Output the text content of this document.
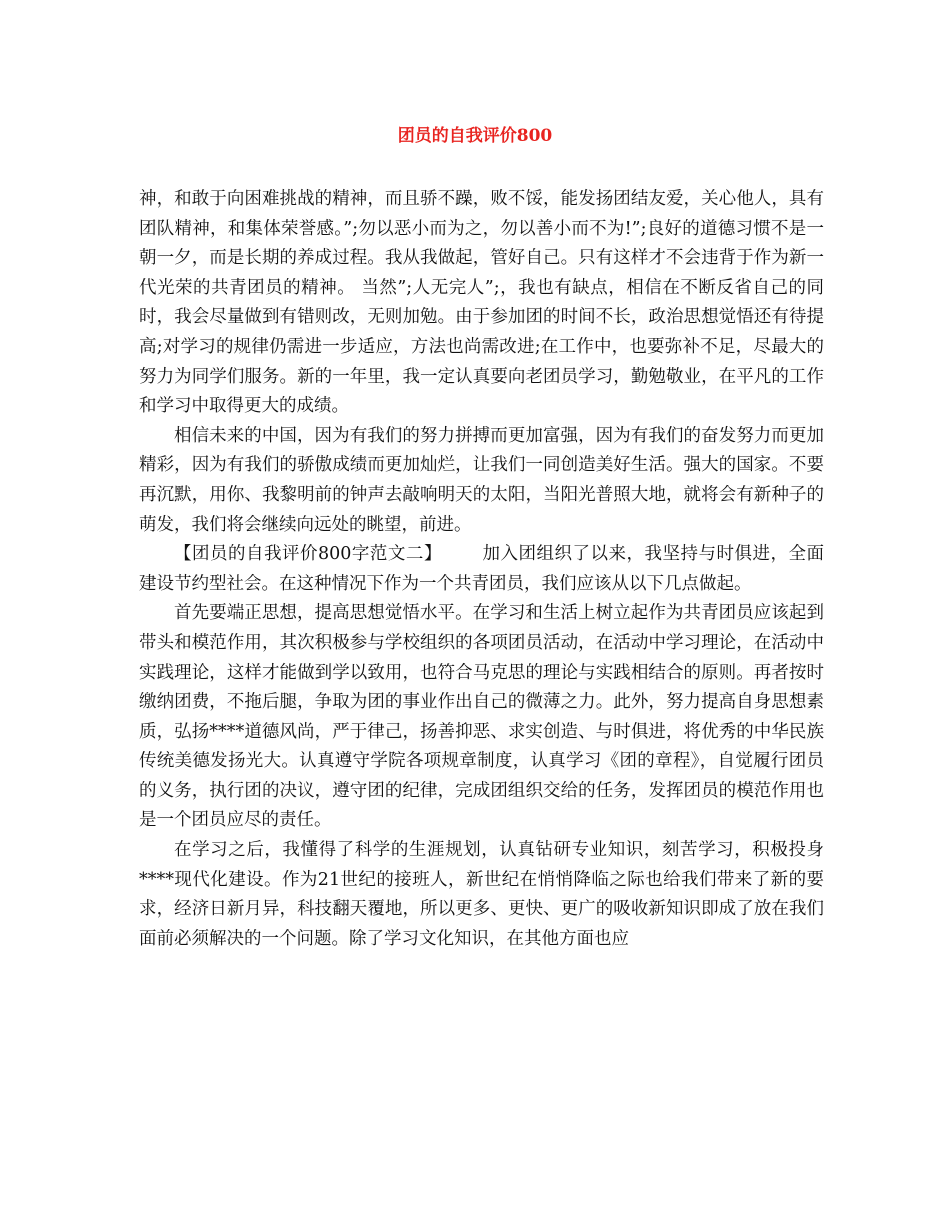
团员的自我评价800

神，和敢于向困难挑战的精神，而且骄不躁，败不馁，能发扬团结友爱，关心他人，具有团队精神，和集体荣誉感。”;勿以恶小而为之，勿以善小而不为!”;良好的道德习惯不是一朝一夕，而是长期的养成过程。我从我做起，管好自己。只有这样才不会违背于作为新一代光荣的共青团员的精神。 当然”;人无完人”;，我也有缺点，相信在不断反省自己的同时，我会尽量做到有错则改，无则加勉。由于参加团的时间不长，政治思想觉悟还有待提高;对学习的规律仍需进一步适应，方法也尚需改进;在工作中，也要弥补不足，尽最大的努力为同学们服务。新的一年里，我一定认真要向老团员学习，勤勉敬业，在平凡的工作和学习中取得更大的成绩。

相信未来的中国，因为有我们的努力拼搏而更加富强，因为有我们的奋发努力而更加精彩，因为有我们的骄傲成绩而更加灿烂，让我们一同创造美好生活。强大的国家。不要再沉默，用你、我黎明前的钟声去敲响明天的太阳，当阳光普照大地，就将会有新种子的萌发，我们将会继续向远处的眺望，前进。

【团员的自我评价800字范文二】 加入团组织了以来，我坚持与时俱进，全面建设节约型社会。在这种情况下作为一个共青团员，我们应该从以下几点做起。

首先要端正思想，提高思想觉悟水平。在学习和生活上树立起作为共青团员应该起到带头和模范作用，其次积极参与学校组织的各项团员活动，在活动中学习理论，在活动中实践理论，这样才能做到学以致用，也符合马克思的理论与实践相结合的原则。再者按时缴纳团费，不拖后腿，争取为团的事业作出自己的微薄之力。此外，努力提高自身思想素质，弘扬****道德风尚，严于律己，扬善抑恶、求实创造、与时俱进，将优秀的中华民族传统美德发扬光大。认真遵守学院各项规章制度，认真学习《团的章程》，自觉履行团员的义务，执行团的决议，遵守团的纪律，完成团组织交给的任务，发挥团员的模范作用也是一个团员应尽的责任。

在学习之后，我懂得了科学的生涯规划，认真钻研专业知识，刻苦学习，积极投身****现代化建设。作为21世纪的接班人，新世纪在悄悄降临之际也给我们带来了新的要求，经济日新月异，科技翻天覆地，所以更多、更快、更广的吸收新知识即成了放在我们面前必须解决的一个问题。除了学习文化知识，在其他方面也应
